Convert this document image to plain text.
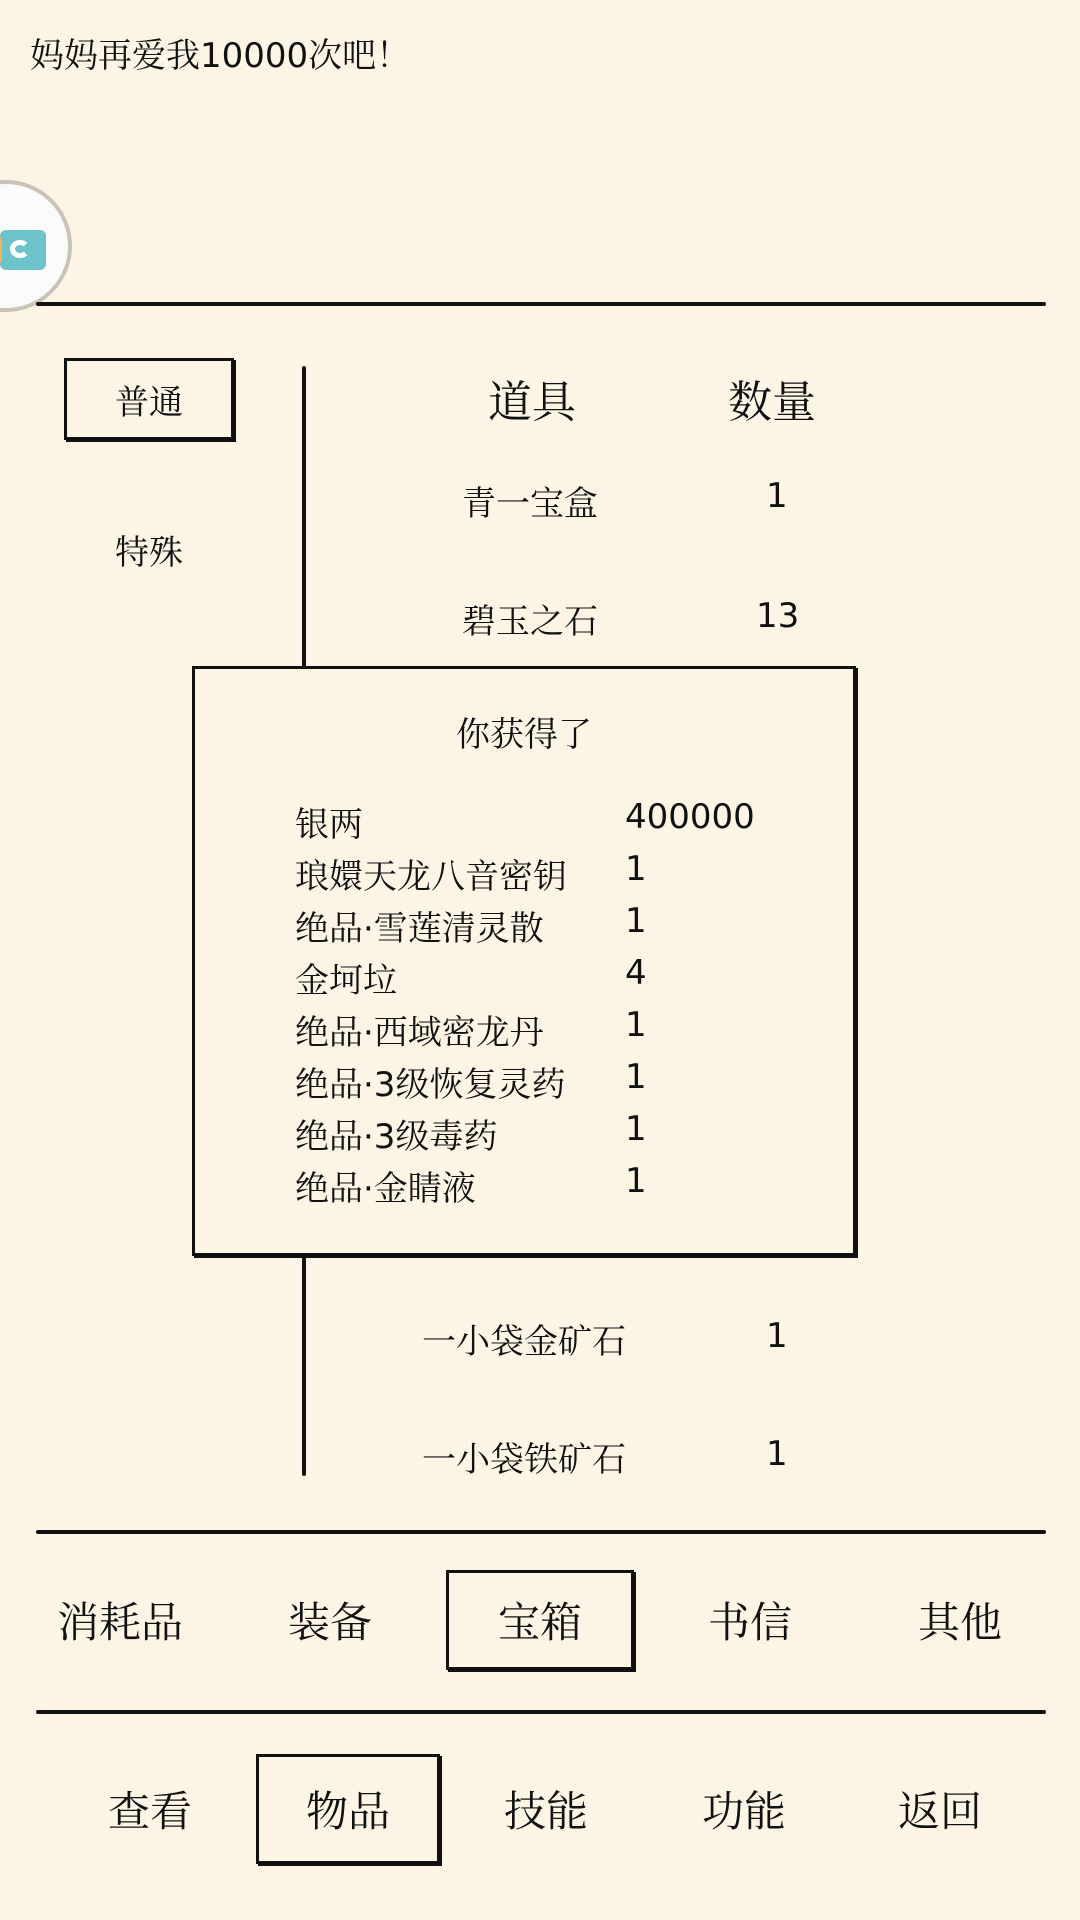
妈妈再爱我10000次吧！
普通
特殊
道具	数量
青一宝盒	1
碧玉之石	13
一小袋金矿石	1
一小袋铁矿石	1
你获得了
银两	400000
琅嬛天龙八音密钥 1
绝品·雪莲清灵散 1
金坷垃	4
绝品·西域密龙丹 1
绝品·3级恢复灵药 1
绝品·3级毒药	1
绝品·金睛液	1
消耗品 装备	宝箱	书信	其他
查看	物品	技能	功能	返回
